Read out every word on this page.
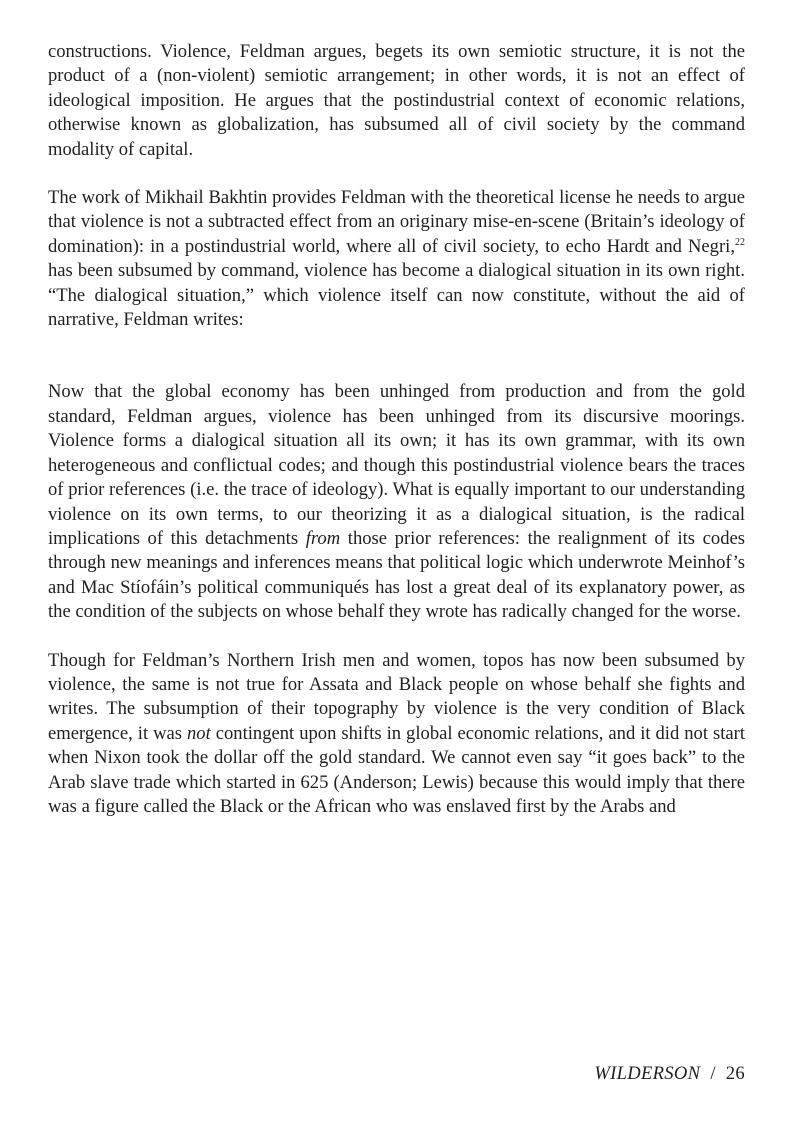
constructions. Violence, Feldman argues, begets its own semiotic structure, it is not the product of a (non-violent) semiotic arrangement; in other words, it is not an effect of ideological imposition. He argues that the postindustrial context of economic relations, otherwise known as globalization, has subsumed all of civil society by the command modality of capital.

The work of Mikhail Bakhtin provides Feldman with the theoretical license he needs to argue that violence is not a subtracted effect from an originary mise-en-scene (Britain’s ideology of domination): in a postindustrial world, where all of civil society, to echo Hardt and Negri,$^{22}$ has been subsumed by command, violence has become a dialogical situation in its own right. “The dialogical situation,” which violence itself can now constitute, without the aid of narrative, Feldman writes:

Now that the global economy has been unhinged from production and from the gold standard, Feldman argues, violence has been unhinged from its discursive moorings. Violence forms a dialogical situation all its own; it has its own grammar, with its own heterogeneous and conflictual codes; and though this postindustrial violence bears the traces of prior references (i.e. the trace of ideology). What is equally important to our understanding violence on its own terms, to our theorizing it as a dialogical situation, is the radical implications of this detachments from those prior references: the realignment of its codes through new meanings and inferences means that political logic which underwrote Meinhof’s and Mac Stíofáin’s political communiqués has lost a great deal of its explanatory power, as the condition of the subjects on whose behalf they wrote has radically changed for the worse.

Though for Feldman’s Northern Irish men and women, topos has now been subsumed by violence, the same is not true for Assata and Black people on whose behalf she fights and writes. The subsumption of their topography by violence is the very condition of Black emergence, it was not contingent upon shifts in global economic relations, and it did not start when Nixon took the dollar off the gold standard. We cannot even say “it goes back” to the Arab slave trade which started in 625 (Anderson; Lewis) because this would imply that there was a figure called the Black or the African who was enslaved first by the Arabs and

WILDERSON / 26
